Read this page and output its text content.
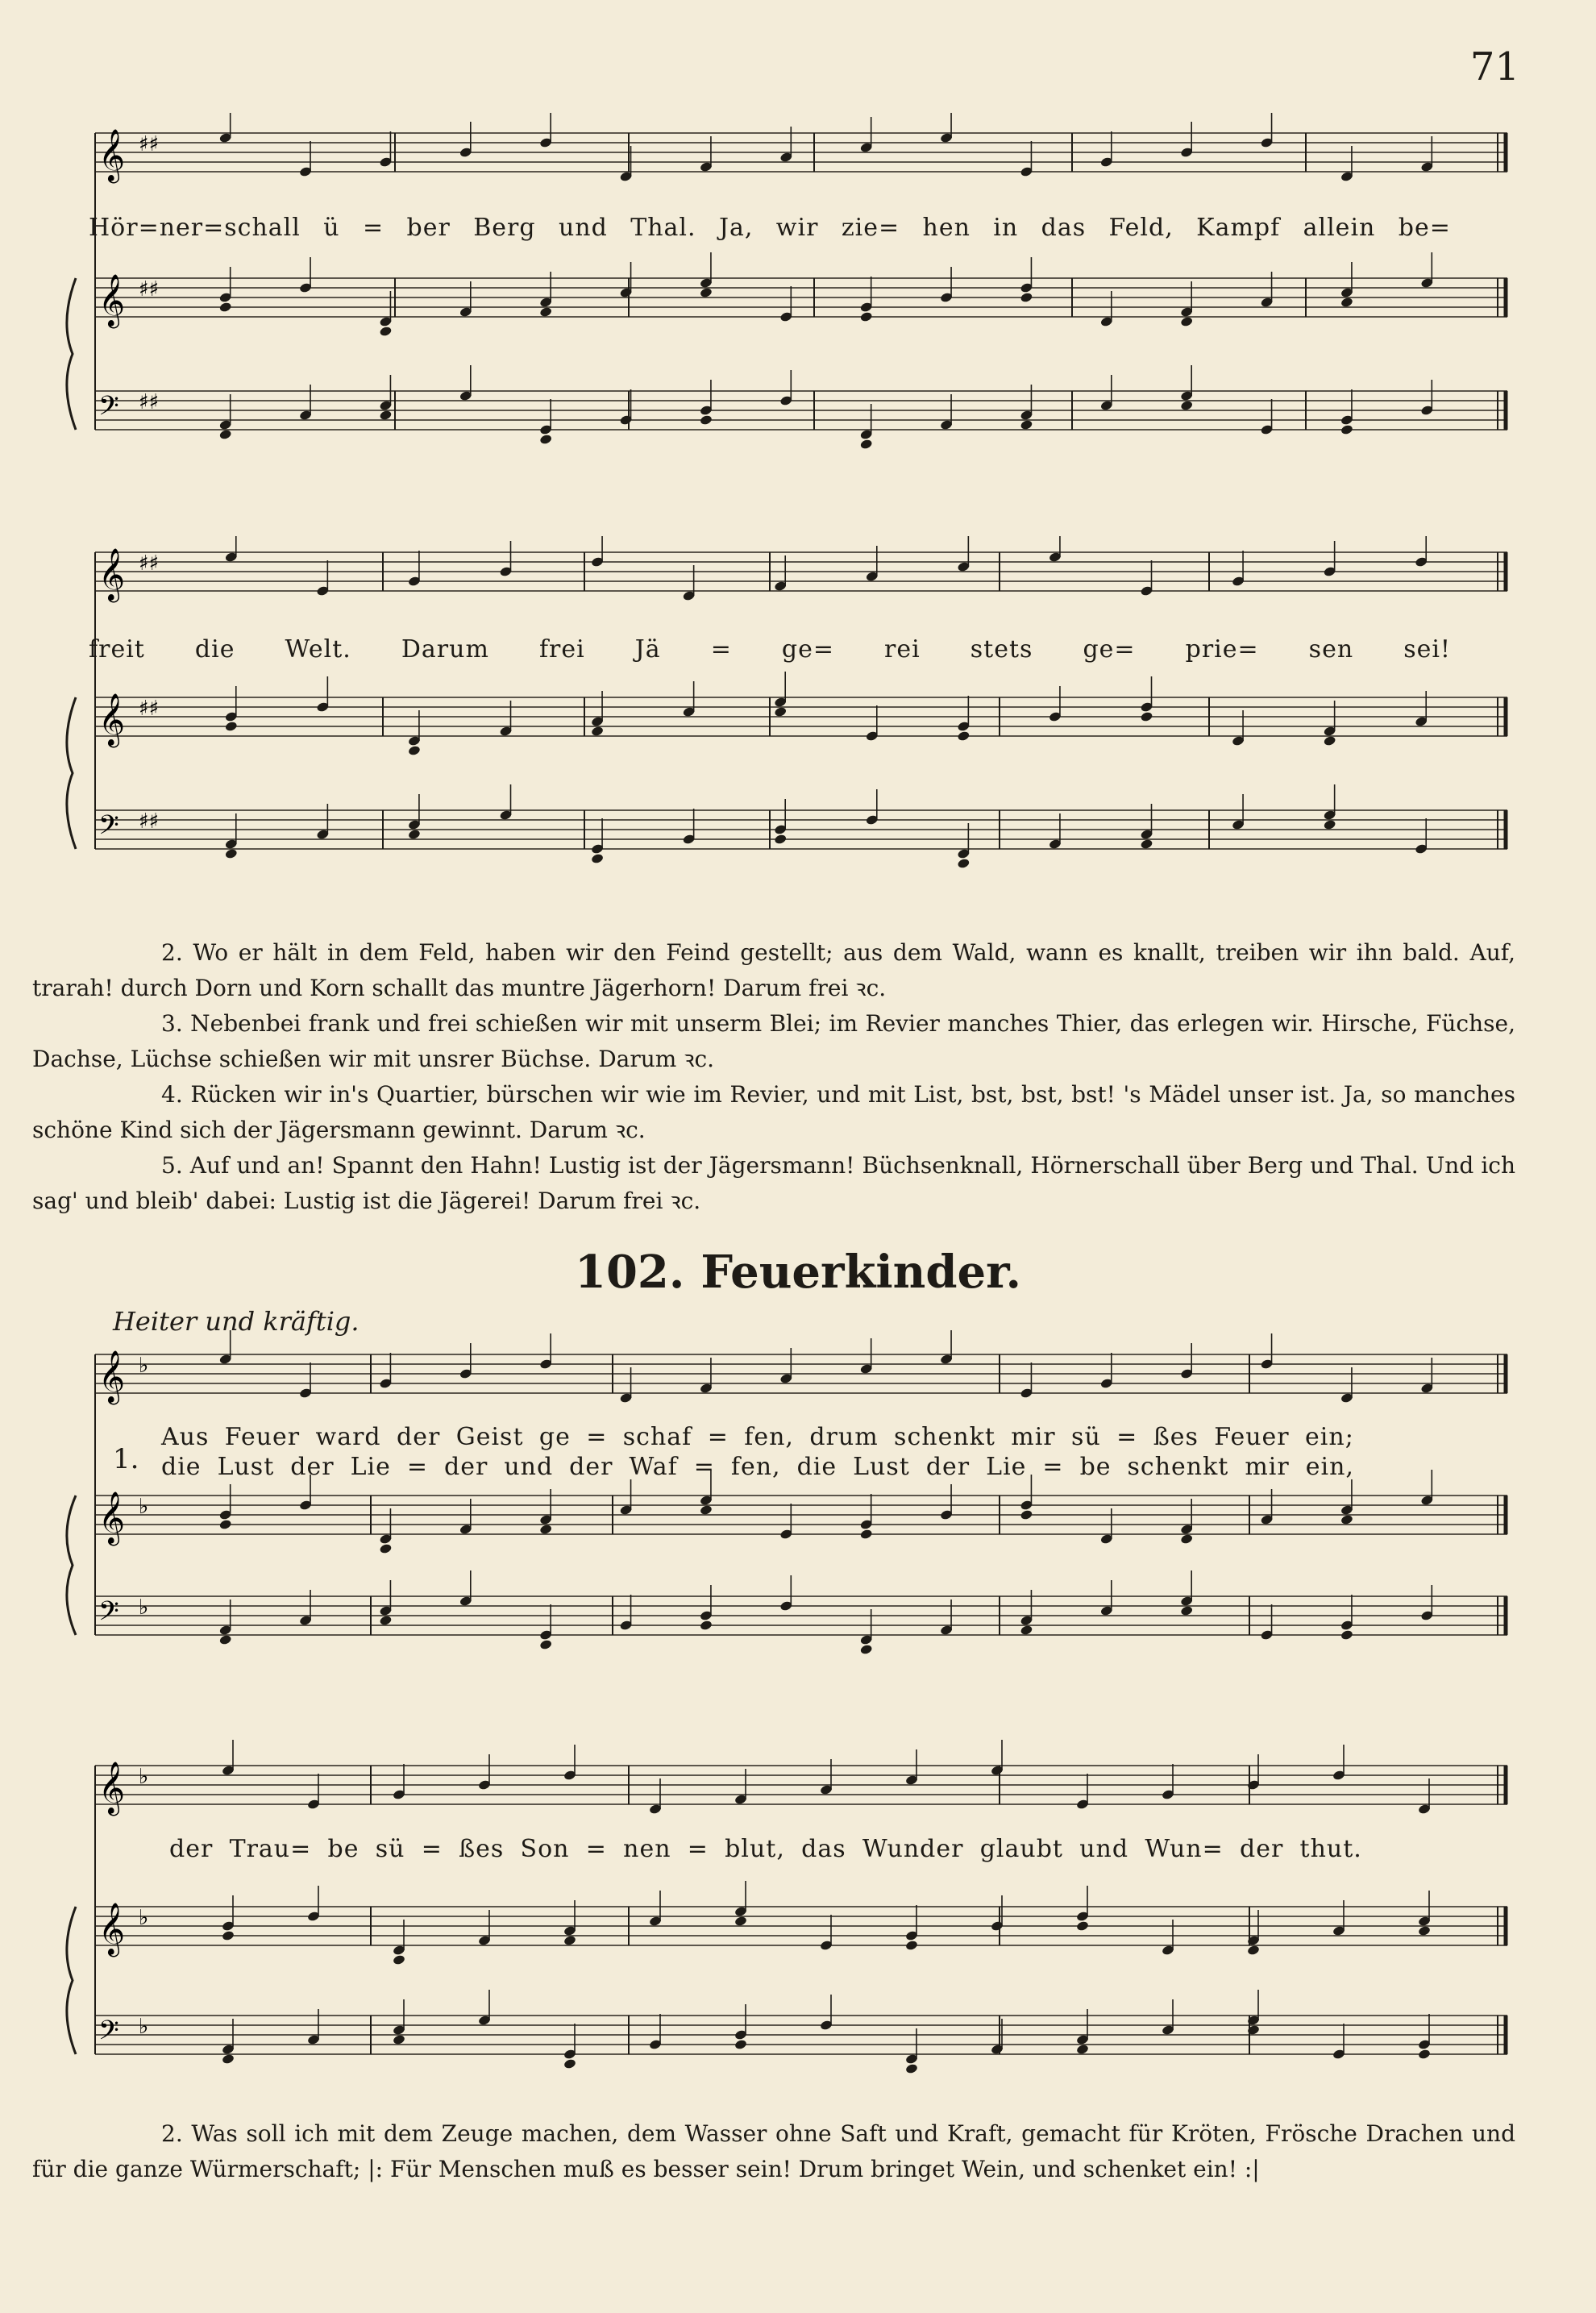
71
𝄞 ♯♯
𝄞 ♯♯
𝄢 ♯♯
Hör=ner=schall ü = ber Berg und Thal. Ja, wir zie= hen in das Feld, Kampf allein be=
𝄞 ♯♯
𝄞 ♯♯
𝄢 ♯♯
freit die Welt. Darum frei Jä = ge= rei stets ge= prie= sen sei!

2. Wo er hält in dem Feld, haben wir den Feind gestellt; aus dem Wald, wann es knallt, treiben wir ihn bald. Auf, trarah! durch Dorn und Korn schallt das muntre Jägerhorn! Darum frei ꝛc.

3. Nebenbei frank und frei schießen wir mit unserm Blei; im Revier manches Thier, das erlegen wir. Hirsche, Füchse, Dachse, Lüchse schießen wir mit unsrer Büchse. Darum ꝛc.

4. Rücken wir in's Quartier, bürschen wir wie im Revier, und mit List, bst, bst, bst! 's Mädel unser ist. Ja, so manches schöne Kind sich der Jägersmann gewinnt. Darum ꝛc.

5. Auf und an! Spannt den Hahn! Lustig ist der Jägersmann! Büchsenknall, Hörnerschall über Berg und Thal. Und ich sag' und bleib' dabei: Lustig ist die Jägerei! Darum frei ꝛc.

102. Feuerkinder.
Heiter und kräftig.
𝄞 ♭
𝄞 ♭
𝄢 ♭
1.
Aus Feuer ward der Geist ge = schaf = fen, drum schenkt mir sü = ßes Feuer ein;
die Lust der Lie = der und der Waf = fen, die Lust der Lie = be schenkt mir ein,
𝄞 ♭
𝄞 ♭
𝄢 ♭
der Trau= be sü = ßes Son = nen = blut, das Wunder glaubt und Wun= der thut.

2. Was soll ich mit dem Zeuge machen, dem Wasser ohne Saft und Kraft, gemacht für Kröten, Frösche Drachen und für die ganze Würmerschaft; |: Für Menschen muß es besser sein! Drum bringet Wein, und schenket ein! :|
